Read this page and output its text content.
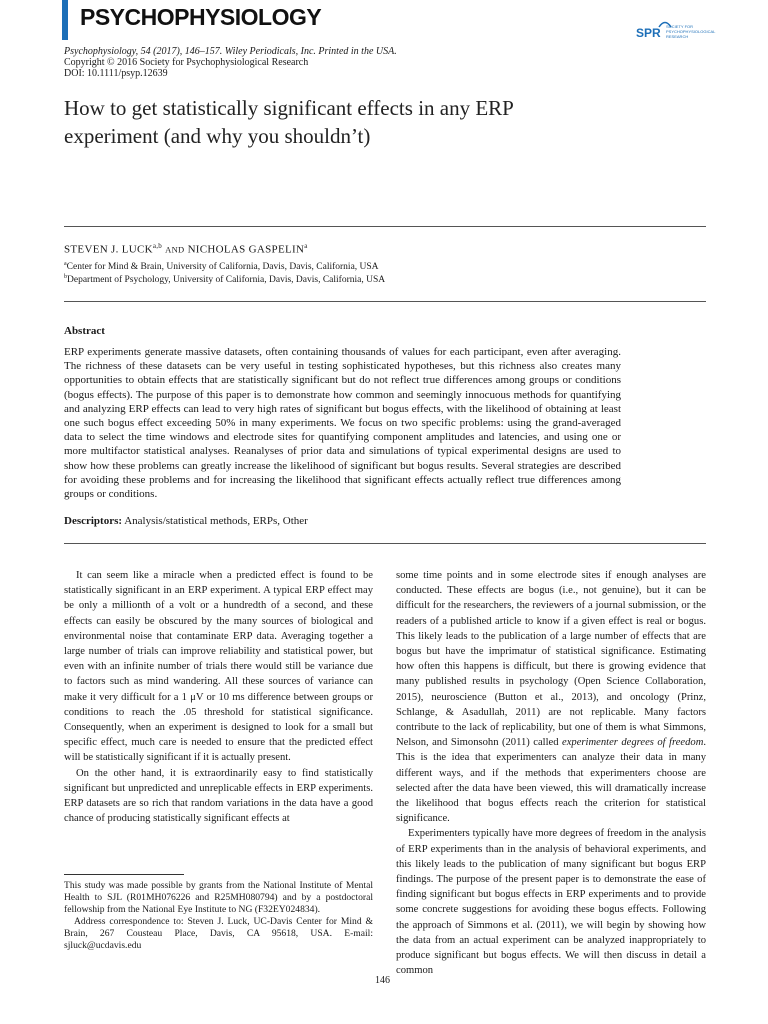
PSYCHOPHYSIOLOGY
SPR SOCIETY FOR PSYCHOPHYSIOLOGICAL RESEARCH
Psychophysiology, 54 (2017), 146–157. Wiley Periodicals, Inc. Printed in the USA.
Copyright © 2016 Society for Psychophysiological Research
DOI: 10.1111/psyp.12639
How to get statistically significant effects in any ERP
experiment (and why you shouldn’t)
STEVEN J. LUCK$^{a,b}$ AND NICHOLAS GASPELIN$^a$
$^a$Center for Mind & Brain, University of California, Davis, Davis, California, USA
$^b$Department of Psychology, University of California, Davis, Davis, California, USA
Abstract
ERP experiments generate massive datasets, often containing thousands of values for each participant, even after averaging. The richness of these datasets can be very useful in testing sophisticated hypotheses, but this richness also creates many opportunities to obtain effects that are statistically significant but do not reflect true differences among groups or conditions (bogus effects). The purpose of this paper is to demonstrate how common and seemingly innocuous methods for quantifying and analyzing ERP effects can lead to very high rates of significant but bogus effects, with the likelihood of obtaining at least one such bogus effect exceeding 50% in many experiments. We focus on two specific problems: using the grand-averaged data to select the time windows and electrode sites for quantifying component amplitudes and latencies, and using one or more multifactor statistical analyses. Reanalyses of prior data and simulations of typical experimental designs are used to show how these problems can greatly increase the likelihood of significant but bogus results. Several strategies are described for avoiding these problems and for increasing the likelihood that significant effects actually reflect true differences among groups or conditions.
Descriptors: Analysis/statistical methods, ERPs, Other

It can seem like a miracle when a predicted effect is found to be statistically significant in an ERP experiment. A typical ERP effect may be only a millionth of a volt or a hundredth of a second, and these effects can easily be obscured by the many sources of biological and environmental noise that contaminate ERP data. Averaging together a large number of trials can improve reliability and statistical power, but even with an infinite number of trials there would still be variance due to factors such as mind wandering. All these sources of variance can make it very difficult for a 1 μV or 10 ms difference between groups or conditions to reach the .05 threshold for statistical significance. Consequently, when an experiment is designed to look for a small but specific effect, much care is needed to ensure that the predicted effect will be statistically significant if it is actually present.

On the other hand, it is extraordinarily easy to find statistically significant but unpredicted and unreplicable effects in ERP experiments. ERP datasets are so rich that random variations in the data have a good chance of producing statistically significant effects at

some time points and in some electrode sites if enough analyses are conducted. These effects are bogus (i.e., not genuine), but it can be difficult for the researchers, the reviewers of a journal submission, or the readers of a published article to know if a given effect is real or bogus. This likely leads to the publication of a large number of effects that are bogus but have the imprimatur of statistical significance. Estimating how often this happens is difficult, but there is growing evidence that many published results in psychology (Open Science Collaboration, 2015), neuroscience (Button et al., 2013), and oncology (Prinz, Schlange, & Asadullah, 2011) are not replicable. Many factors contribute to the lack of replicability, but one of them is what Simmons, Nelson, and Simonsohn (2011) called experimenter degrees of freedom. This is the idea that experimenters can analyze their data in many different ways, and if the methods that experimenters choose are selected after the data have been viewed, this will dramatically increase the likelihood that bogus effects reach the criterion for statistical significance.

Experimenters typically have more degrees of freedom in the analysis of ERP experiments than in the analysis of behavioral experiments, and this likely leads to the publication of many significant but bogus ERP findings. The purpose of the present paper is to demonstrate the ease of finding significant but bogus effects in ERP experiments and to provide some concrete suggestions for avoiding these bogus effects. Following the approach of Simmons et al. (2011), we will begin by showing how the data from an actual experiment can be analyzed inappropriately to produce significant but bogus effects. We will then discuss in detail a common

This study was made possible by grants from the National Institute of Mental Health to SJL (R01MH076226 and R25MH080794) and by a postdoctoral fellowship from the National Eye Institute to NG (F32EY024834).

Address correspondence to: Steven J. Luck, UC-Davis Center for Mind & Brain, 267 Cousteau Place, Davis, CA 95618, USA. E-mail: sjluck@ucdavis.edu

146
